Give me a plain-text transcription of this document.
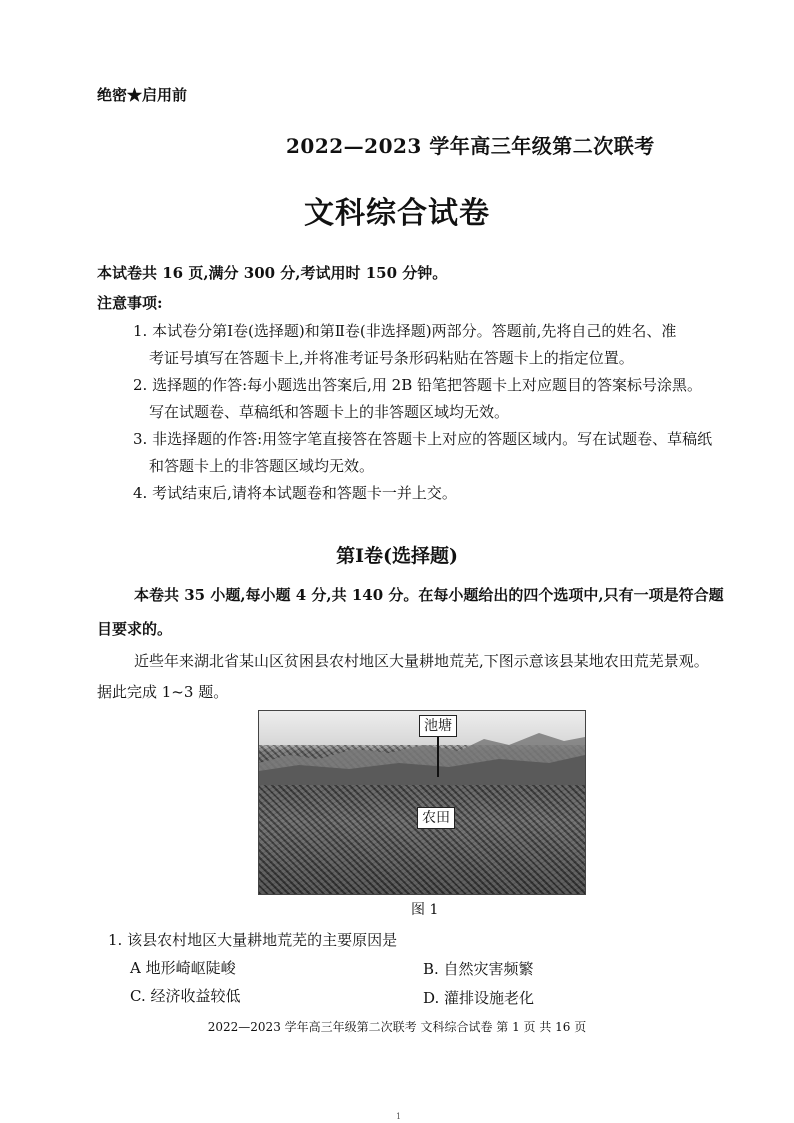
绝密★启用前
2022—2023 学年高三年级第二次联考
文科综合试卷
本试卷共 16 页,满分 300 分,考试用时 150 分钟。
注意事项:
1. 本试卷分第Ⅰ卷(选择题)和第Ⅱ卷(非选择题)两部分。答题前,先将自己的姓名、准
考证号填写在答题卡上,并将准考证号条形码粘贴在答题卡上的指定位置。
2. 选择题的作答:每小题选出答案后,用 2B 铅笔把答题卡上对应题目的答案标号涂黑。
写在试题卷、草稿纸和答题卡上的非答题区域均无效。
3. 非选择题的作答:用签字笔直接答在答题卡上对应的答题区域内。写在试题卷、草稿纸
和答题卡上的非答题区域均无效。
4. 考试结束后,请将本试题卷和答题卡一并上交。
第Ⅰ卷(选择题)
本卷共 35 小题,每小题 4 分,共 140 分。在每小题给出的四个选项中,只有一项是符合题
目要求的。
近些年来湖北省某山区贫困县农村地区大量耕地荒芜,下图示意该县某地农田荒芜景观。
据此完成 1~3 题。
池塘
农田
图 1
1. 该县农村地区大量耕地荒芜的主要原因是
A 地形崎岖陡峻	B. 自然灾害频繁
C. 经济收益较低	D. 灌排设施老化
2022—2023 学年高三年级第二次联考 文科综合试卷 第 1 页 共 16 页
1
